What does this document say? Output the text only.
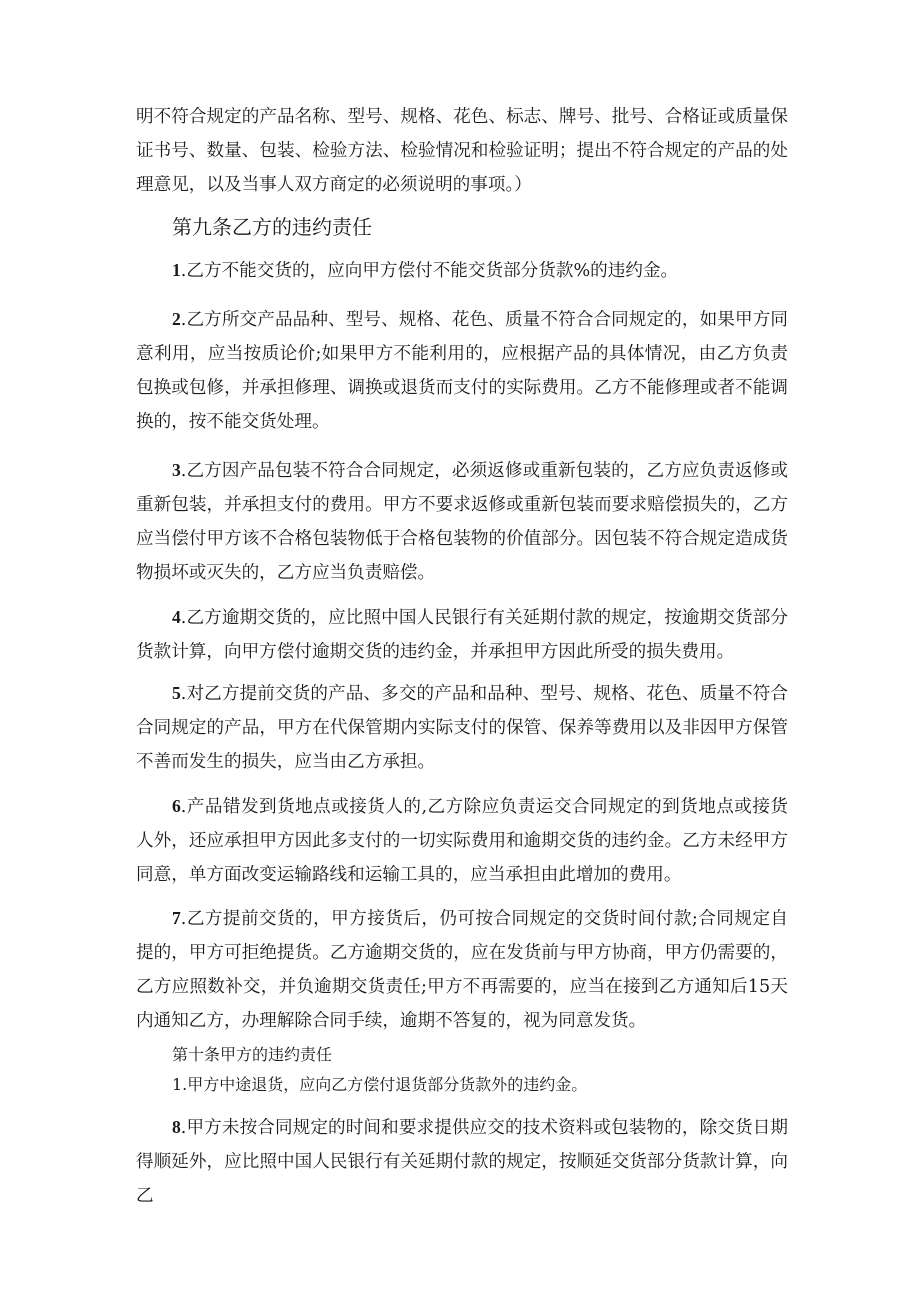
明不符合规定的产品名称、型号、规格、花色、标志、牌号、批号、合格证或质量保证书号、数量、包装、检验方法、检验情况和检验证明；提出不符合规定的产品的处理意见，以及当事人双方商定的必须说明的事项。）

第九条乙方的违约责任

1.乙方不能交货的，应向甲方偿付不能交货部分货款%的违约金。

2.乙方所交产品品种、型号、规格、花色、质量不符合合同规定的，如果甲方同意利用，应当按质论价;如果甲方不能利用的，应根据产品的具体情况，由乙方负责包换或包修，并承担修理、调换或退货而支付的实际费用。乙方不能修理或者不能调换的，按不能交货处理。

3.乙方因产品包装不符合合同规定，必须返修或重新包装的，乙方应负责返修或重新包装，并承担支付的费用。甲方不要求返修或重新包装而要求赔偿损失的，乙方应当偿付甲方该不合格包装物低于合格包装物的价值部分。因包装不符合规定造成货物损坏或灭失的，乙方应当负责赔偿。

4.乙方逾期交货的，应比照中国人民银行有关延期付款的规定，按逾期交货部分货款计算，向甲方偿付逾期交货的违约金，并承担甲方因此所受的损失费用。

5.对乙方提前交货的产品、多交的产品和品种、型号、规格、花色、质量不符合合同规定的产品，甲方在代保管期内实际支付的保管、保养等费用以及非因甲方保管不善而发生的损失，应当由乙方承担。

6.产品错发到货地点或接货人的,乙方除应负责运交合同规定的到货地点或接货人外，还应承担甲方因此多支付的一切实际费用和逾期交货的违约金。乙方未经甲方同意，单方面改变运输路线和运输工具的，应当承担由此增加的费用。

7.乙方提前交货的，甲方接货后，仍可按合同规定的交货时间付款;合同规定自提的，甲方可拒绝提货。乙方逾期交货的，应在发货前与甲方协商，甲方仍需要的，乙方应照数补交，并负逾期交货责任;甲方不再需要的，应当在接到乙方通知后15天内通知乙方，办理解除合同手续，逾期不答复的，视为同意发货。

第十条甲方的违约责任

1.甲方中途退货，应向乙方偿付退货部分货款外的违约金。

8.甲方未按合同规定的时间和要求提供应交的技术资料或包装物的，除交货日期得顺延外，应比照中国人民银行有关延期付款的规定，按顺延交货部分货款计算，向乙
